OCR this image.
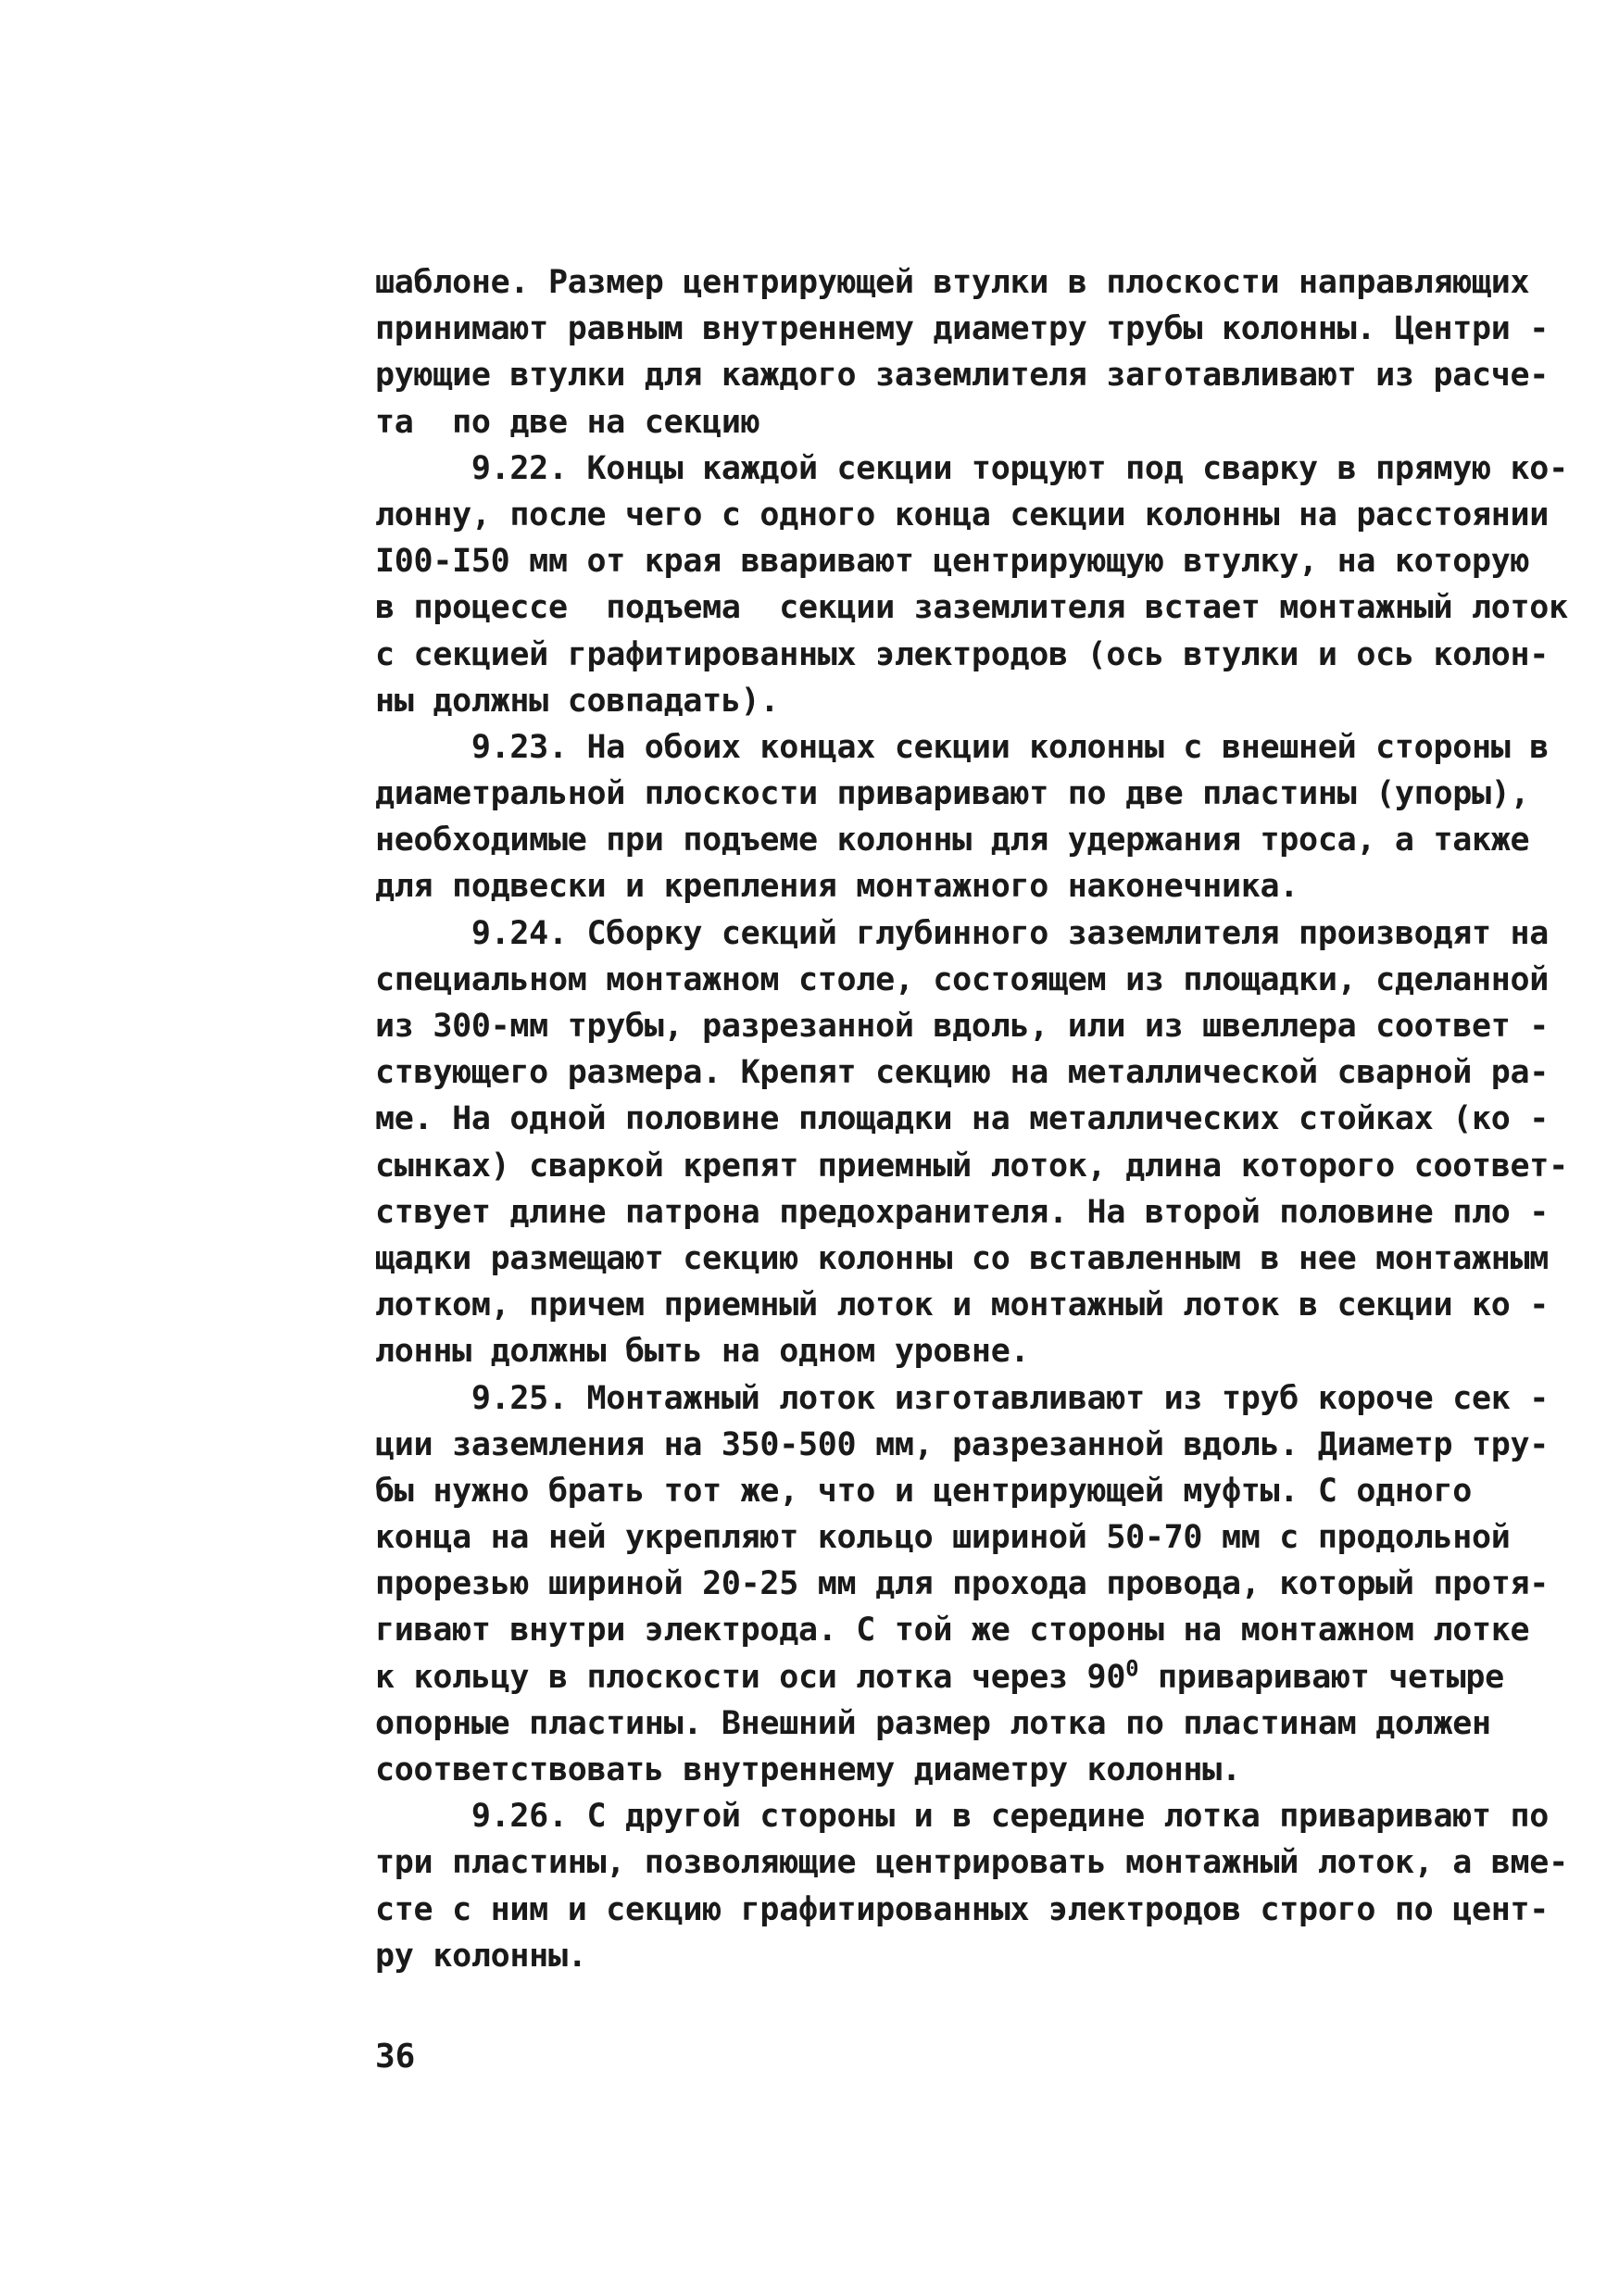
шаблоне. Размер центрирующей втулки в плоскости направляющих
принимают равным внутреннему диаметру трубы колонны. Центри -
рующие втулки для каждого заземлителя заготавливают из расче-
та  по две на секцию
9.22. Концы каждой секции торцуют под сварку в прямую ко-
лонну, после чего с одного конца секции колонны на расстоянии
I00-I50 мм от края вваривают центрирующую втулку, на которую
в процессе  подъема  секции заземлителя встает монтажный лоток
с секцией графитированных электродов (ось втулки и ось колон-
ны должны совпадать).
9.23. На обоих концах секции колонны с внешней стороны в
диаметральной плоскости приваривают по две пластины (упоры),
необходимые при подъеме колонны для удержания троса, а также
для подвески и крепления монтажного наконечника.
9.24. Сборку секций глубинного заземлителя производят на
специальном монтажном столе, состоящем из площадки, сделанной
из 300-мм трубы, разрезанной вдоль, или из швеллера соответ -
ствующего размера. Крепят секцию на металлической сварной ра-
ме. На одной половине площадки на металлических стойках (ко -
сынках) сваркой крепят приемный лоток, длина которого соответ-
ствует длине патрона предохранителя. На второй половине пло -
щадки размещают секцию колонны со вставленным в нее монтажным
лотком, причем приемный лоток и монтажный лоток в секции ко -
лонны должны быть на одном уровне.
9.25. Монтажный лоток изготавливают из труб короче сек -
ции заземления на 350-500 мм, разрезанной вдоль. Диаметр тру-
бы нужно брать тот же, что и центрирующей муфты. С одного
конца на ней укрепляют кольцо шириной 50-70 мм с продольной
прорезью шириной 20-25 мм для прохода провода, который протя-
гивают внутри электрода. С той же стороны на монтажном лотке
к кольцу в плоскости оси лотка через $90^0$ приваривают четыре
опорные пластины. Внешний размер лотка по пластинам должен
соответствовать внутреннему диаметру колонны.
9.26. С другой стороны и в середине лотка приваривают по
три пластины, позволяющие центрировать монтажный лоток, а вме-
сте с ним и секцию графитированных электродов строго по цент-
ру колонны.
36
